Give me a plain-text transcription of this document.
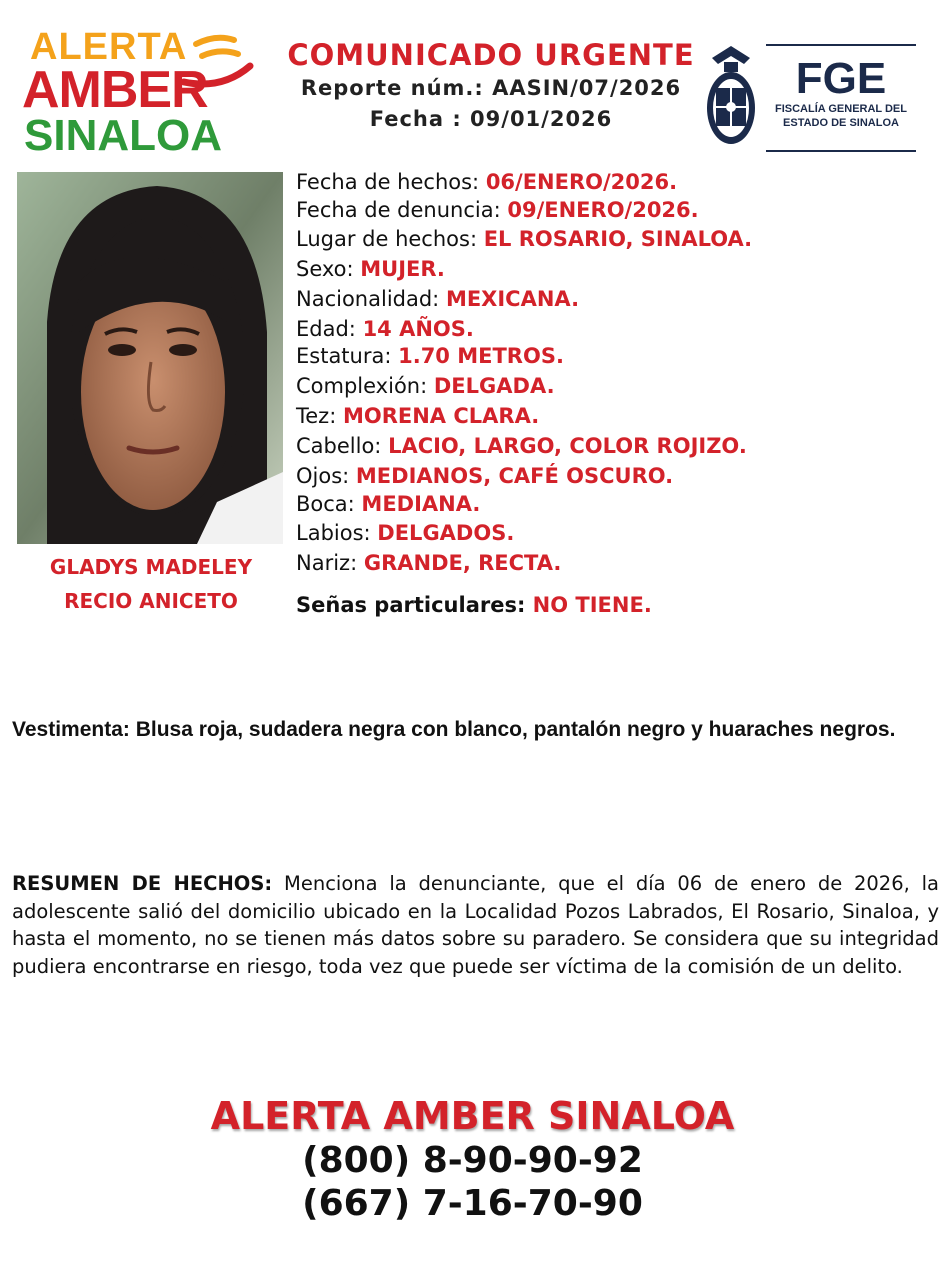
ALERTA
AMBER
SINALOA
COMUNICADO URGENTE
Reporte núm.: AASIN/07/2026
Fecha : 09/01/2026
FGE
FISCALÍA GENERAL DEL
ESTADO DE SINALOA
GLADYS MADELEY
RECIO ANICETO
Fecha de hechos: 06/ENERO/2026.
Fecha de denuncia: 09/ENERO/2026.
Lugar de hechos: EL ROSARIO, SINALOA.
Sexo: MUJER.
Nacionalidad: MEXICANA.
Edad: 14 AÑOS.
Estatura: 1.70 METROS.
Complexión: DELGADA.
Tez: MORENA CLARA.
Cabello: LACIO, LARGO, COLOR ROJIZO.
Ojos: MEDIANOS, CAFÉ OSCURO.
Boca: MEDIANA.
Labios: DELGADOS.
Nariz: GRANDE, RECTA.
Señas particulares: NO TIENE.
Vestimenta: Blusa roja, sudadera negra con blanco, pantalón negro y huaraches negros.
RESUMEN DE HECHOS: Menciona la denunciante, que el día 06 de enero de 2026, la adolescente salió del domicilio ubicado en la Localidad Pozos Labrados, El Rosario, Sinaloa, y hasta el momento, no se tienen más datos sobre su paradero. Se considera que su integridad pudiera encontrarse en riesgo, toda vez que puede ser víctima de la comisión de un delito.
ALERTA AMBER SINALOA
(800) 8-90-90-92
(667) 7-16-70-90
